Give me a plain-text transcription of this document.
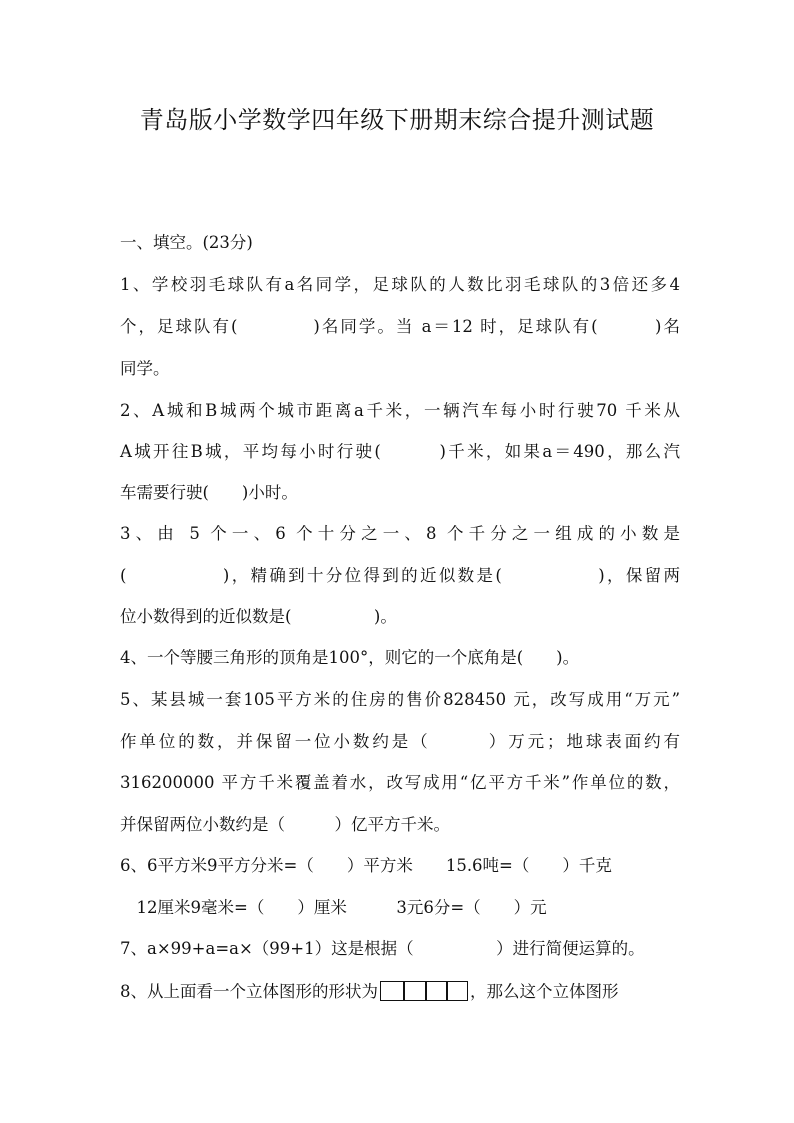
青岛版小学数学四年级下册期末综合提升测试题
一、填空。(23分)
1、学校羽毛球队有a名同学，足球队的人数比羽毛球队的3倍还多4
个，足球队有(　　　　)名同学。当 a＝12 时，足球队有(　　　)名
同学。
2、A城和B城两个城市距离a千米，一辆汽车每小时行驶70 千米从
A城开往B城，平均每小时行驶(　　　)千米，如果a＝490，那么汽
车需要行驶(　　)小时。
3、由 5 个一、6 个十分之一、8 个千分之一组成的小数是
(　　　　　)，精确到十分位得到的近似数是(　　　　　)，保留两
位小数得到的近似数是(　　　　　)。
4、一个等腰三角形的顶角是100°，则它的一个底角是(　　)。
5、某县城一套105平方米的住房的售价828450 元，改写成用“万元”
作单位的数，并保留一位小数约是（　　　）万元；地球表面约有
316200000 平方千米覆盖着水，改写成用“亿平方千米”作单位的数，
并保留两位小数约是（　　　）亿平方千米。
6、6平方米9平方分米=（　　）平方米　　15.6吨=（　　）千克
　12厘米9毫米=（　　）厘米　　　3元6分=（　　）元
7、a×99+a=a×（99+1）这是根据（　　　　　）进行简便运算的。
8、从上面看一个立体图形的形状为	，那么这个立体图形
